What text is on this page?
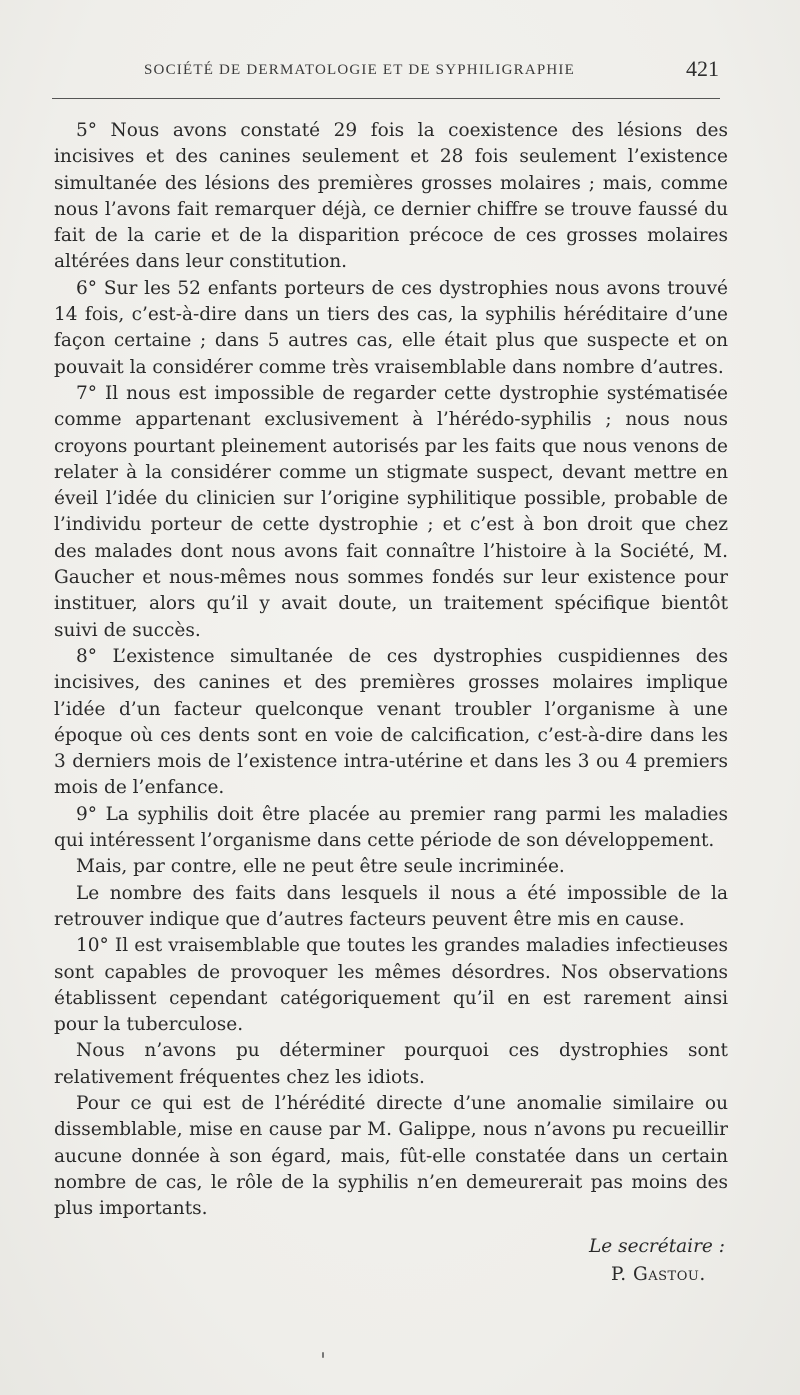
SOCIÉTÉ DE DERMATOLOGIE ET DE SYPHILIGRAPHIE	421

5° Nous avons constaté 29 fois la coexistence des lésions des incisives et des canines seulement et 28 fois seulement l’existence simultanée des lésions des premières grosses molaires ; mais, comme nous l’avons fait remarquer déjà, ce dernier chiffre se trouve faussé du fait de la carie et de la disparition précoce de ces grosses molaires altérées dans leur constitution.

6° Sur les 52 enfants porteurs de ces dystrophies nous avons trouvé 14 fois, c’est-à-dire dans un tiers des cas, la syphilis héréditaire d’une façon certaine ; dans 5 autres cas, elle était plus que suspecte et on pouvait la considérer comme très vraisemblable dans nombre d’autres.

7° Il nous est impossible de regarder cette dystrophie systématisée comme appartenant exclusivement à l’hérédo-syphilis ; nous nous croyons pourtant pleinement autorisés par les faits que nous venons de relater à la considérer comme un stigmate suspect, devant mettre en éveil l’idée du clinicien sur l’origine syphilitique possible, probable de l’individu porteur de cette dystrophie ; et c’est à bon droit que chez des malades dont nous avons fait connaître l’histoire à la Société, M. Gaucher et nous-mêmes nous sommes fondés sur leur existence pour instituer, alors qu’il y avait doute, un traitement spécifique bientôt suivi de succès.

8° L’existence simultanée de ces dystrophies cuspidiennes des incisives, des canines et des premières grosses molaires implique l’idée d’un facteur quelconque venant troubler l’organisme à une époque où ces dents sont en voie de calcification, c’est-à-dire dans les 3 derniers mois de l’existence intra-utérine et dans les 3 ou 4 premiers mois de l’enfance.

9° La syphilis doit être placée au premier rang parmi les maladies qui intéressent l’organisme dans cette période de son développement.

Mais, par contre, elle ne peut être seule incriminée.

Le nombre des faits dans lesquels il nous a été impossible de la retrouver indique que d’autres facteurs peuvent être mis en cause.

10° Il est vraisemblable que toutes les grandes maladies infectieuses sont capables de provoquer les mêmes désordres. Nos observations établissent cependant catégoriquement qu’il en est rarement ainsi pour la tuberculose.

Nous n’avons pu déterminer pourquoi ces dystrophies sont relativement fréquentes chez les idiots.

Pour ce qui est de l’hérédité directe d’une anomalie similaire ou dissemblable, mise en cause par M. Galippe, nous n’avons pu recueillir aucune donnée à son égard, mais, fût-elle constatée dans un certain nombre de cas, le rôle de la syphilis n’en demeurerait pas moins des plus importants.

Le secrétaire :
P. Gastou.
